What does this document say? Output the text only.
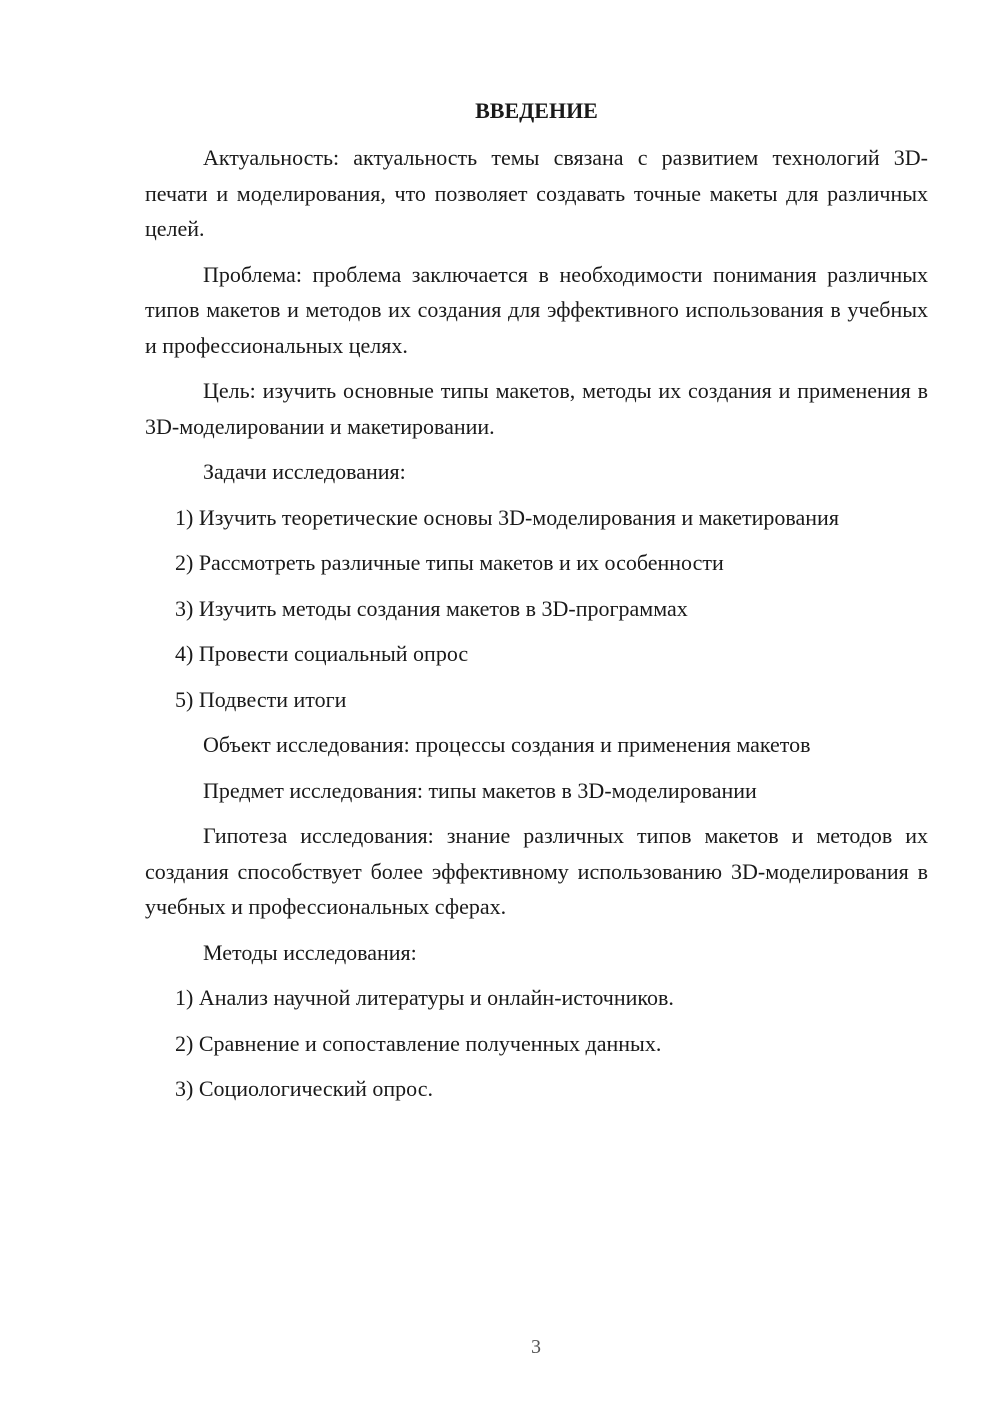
ВВЕДЕНИЕ

Актуальность: актуальность темы связана с развитием технологий 3D-печати и моделирования, что позволяет создавать точные макеты для различных целей.

Проблема: проблема заключается в необходимости понимания различных типов макетов и методов их создания для эффективного использования в учебных и профессиональных целях.

Цель: изучить основные типы макетов, методы их создания и применения в 3D-моделировании и макетировании.

Задачи исследования:

1) Изучить теоретические основы 3D-моделирования и макетирования

2) Рассмотреть различные типы макетов и их особенности

3) Изучить методы создания макетов в 3D-программах

4) Провести социальный опрос

5) Подвести итоги

Объект исследования: процессы создания и применения макетов

Предмет исследования: типы макетов в 3D-моделировании

Гипотеза исследования: знание различных типов макетов и методов их создания способствует более эффективному использованию 3D-моделирования в учебных и профессиональных сферах.

Методы исследования:

1) Анализ научной литературы и онлайн-источников.

2) Сравнение и сопоставление полученных данных.

3) Социологический опрос.

3
